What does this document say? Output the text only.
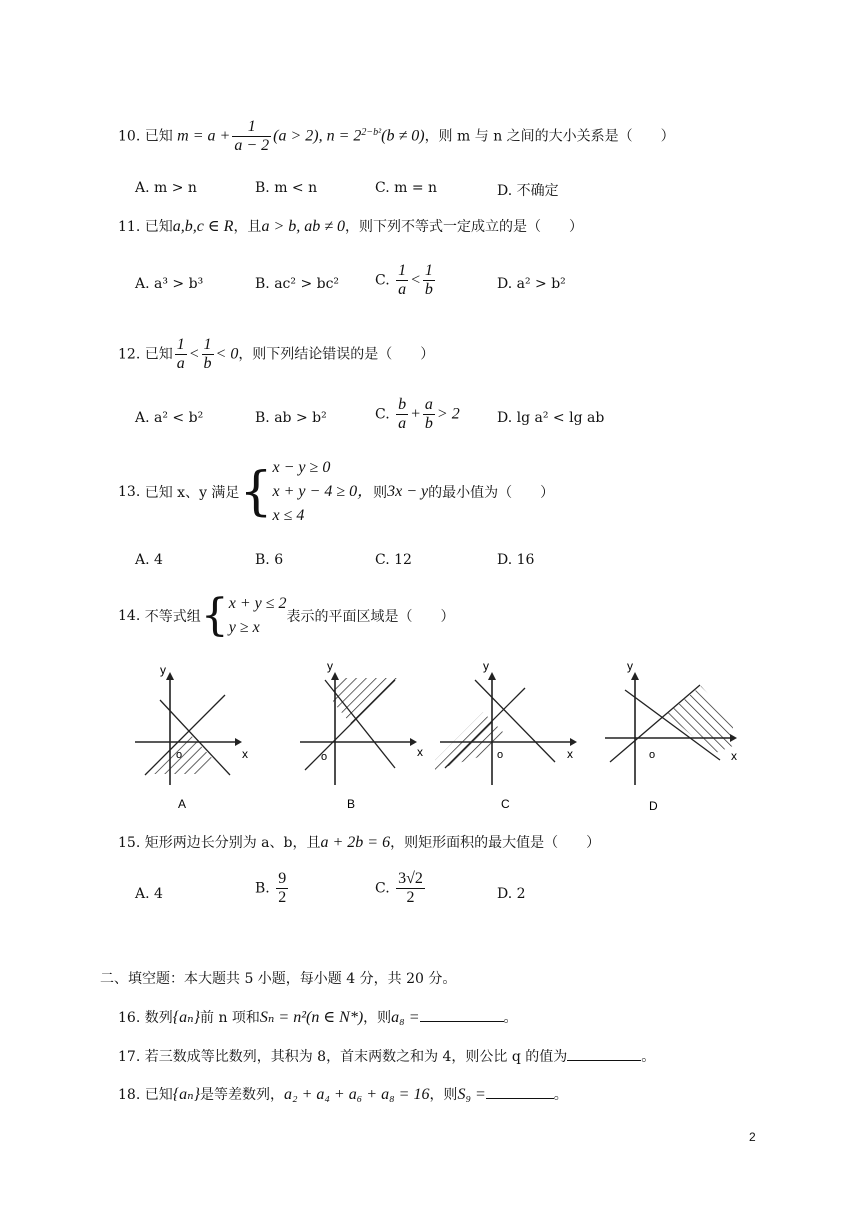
10. 已知 $m = a + \frac{1}{a - 2} (a > 2)$, $n = 2^{2-b^2}(b \ne 0)$，则 m 与 n 之间的大小关系是（　　）
A. m > n	B. m < n	C. m = n	D. 不确定
11. 已知a,b,c ∈ R，且a > b, ab ≠ 0，则下列不等式一定成立的是（　　）
A. a³ > b³	B. ac² > bc²	C. $\frac{1}{a} < \frac{1}{b}$	D. a² > b²
12. 已知 $\frac{1}{a} < \frac{1}{b} < 0$，则下列结论错误的是（　　）
A. a² < b²	B. ab > b²	C. $\frac{b}{a} + \frac{a}{b} > 2$	D. lg a² < lg ab
13. 已知 x、y 满足{ x − y ≥ 0
x + y − 4 ≥ 0，
x ≤ 4
则3x − y的最小值为（　　）
A. 4	B. 6	C. 12	D. 16
14. 不等式组{ x + y ≤ 2
y ≥ x
表示的平面区域是（　　）
y
x
o
A
y
x
o
B
y
x
o
C
y
x
o
D
15. 矩形两边长分别为 a、b，且a + 2b = 6，则矩形面积的最大值是（　　）
A. 4	B. $\frac{9}{2}$	C. $\frac{3√2}{2}$	D. 2
二、填空题：本大题共 5 小题，每小题 4 分，共 20 分。
16. 数列{aₙ}前 n 项和Sₙ = n²(n ∈ N*)，则a₈ =	。
17. 若三数成等比数列，其积为 8，首末两数之和为 4，则公比 q 的值为	。
18. 已知{aₙ}是等差数列，a₂ + a₄ + a₆ + a₈ = 16，则S₉ =	。
2
